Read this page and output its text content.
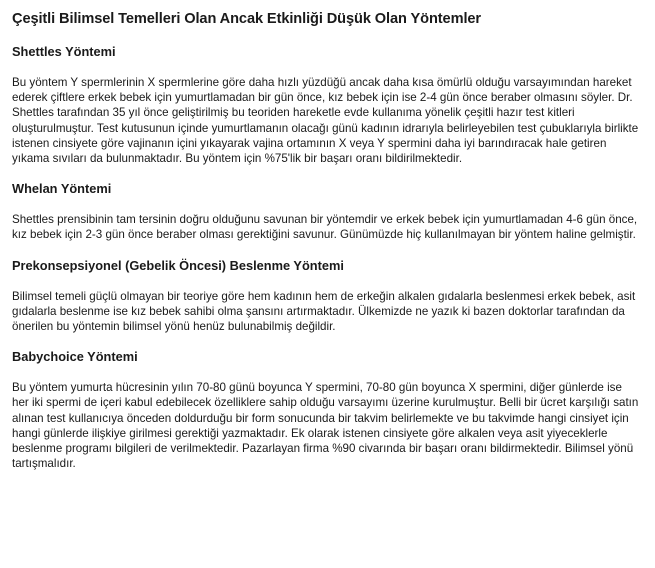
Çeşitli Bilimsel Temelleri Olan Ancak Etkinliği Düşük Olan Yöntemler
Shettles Yöntemi

Bu yöntem Y spermlerinin X spermlerine göre daha hızlı yüzdüğü ancak daha kısa ömürlü olduğu varsayımından hareket ederek çiftlere erkek bebek için yumurtlamadan bir gün önce, kız bebek için ise 2-4 gün önce beraber olmasını söyler. Dr. Shettles tarafından 35 yıl önce geliştirilmiş bu teoriden hareketle evde kullanıma yönelik çeşitli hazır test kitleri oluşturulmuştur. Test kutusunun içinde yumurtlamanın olacağı günü kadının idrarıyla belirleyebilen test çubuklarıyla birlikte istenen cinsiyete göre vajinanın içini yıkayarak vajina ortamının X veya Y spermini daha iyi barındıracak hale getiren yıkama sıvıları da bulunmaktadır. Bu yöntem için %75'lik bir başarı oranı bildirilmektedir.

Whelan Yöntemi

Shettles prensibinin tam tersinin doğru olduğunu savunan bir yöntemdir ve erkek bebek için yumurtlamadan 4-6 gün önce, kız bebek için 2-3 gün önce beraber olması gerektiğini savunur. Günümüzde hiç kullanılmayan bir yöntem haline gelmiştir.

Prekonsepsiyonel (Gebelik Öncesi) Beslenme Yöntemi

Bilimsel temeli güçlü olmayan bir teoriye göre hem kadının hem de erkeğin alkalen gıdalarla beslenmesi erkek bebek, asit gıdalarla beslenme ise kız bebek sahibi olma şansını artırmaktadır. Ülkemizde ne yazık ki bazen doktorlar tarafından da önerilen bu yöntemin bilimsel yönü henüz bulunabilmiş değildir.

Babychoice Yöntemi

Bu yöntem yumurta hücresinin yılın 70-80 günü boyunca Y spermini, 70-80 gün boyunca X spermini, diğer günlerde ise her iki spermi de içeri kabul edebilecek özelliklere sahip olduğu varsayımı üzerine kurulmuştur. Belli bir ücret karşılığı satın alınan test kullanıcıya önceden doldurduğu bir form sonucunda bir takvim belirlemekte ve bu takvimde hangi cinsiyet için hangi günlerde ilişkiye girilmesi gerektiği yazmaktadır. Ek olarak istenen cinsiyete göre alkalen veya asit yiyeceklerle beslenme programı bilgileri de verilmektedir. Pazarlayan firma %90 civarında bir başarı oranı bildirmektedir. Bilimsel yönü tartışmalıdır.
